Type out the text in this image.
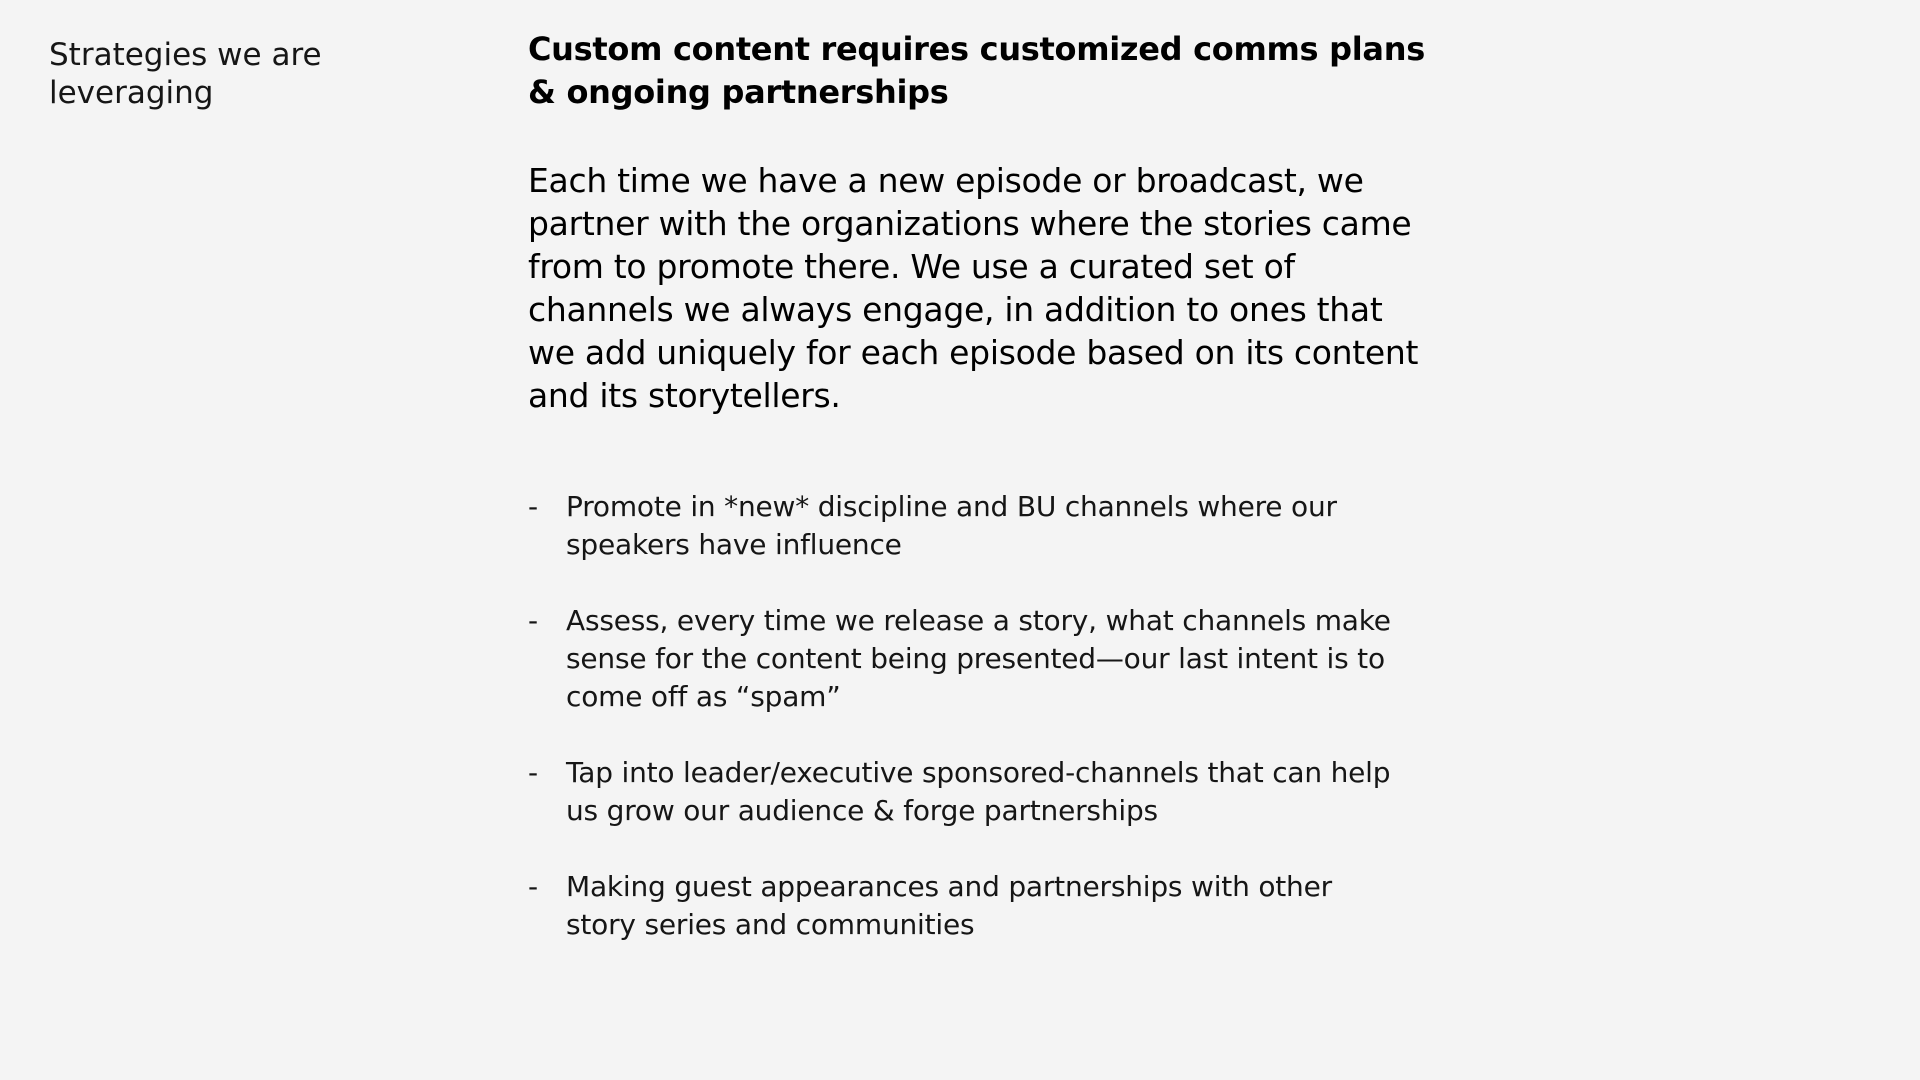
Strategies we are leveraging
Custom content requires customized comms plans & ongoing partnerships

Each time we have a new episode or broadcast, we partner with the organizations where the stories came from to promote there. We use a curated set of channels we always engage, in addition to ones that we add uniquely for each episode based on its content and its storytellers.

-	Promote in *new* discipline and BU channels where our speakers have influence
-	Assess, every time we release a story, what channels make sense for the content being presented—our last intent is to come off as “spam”
-	Tap into leader/executive sponsored-channels that can help us grow our audience & forge partnerships
-	Making guest appearances and partnerships with other story series and communities
